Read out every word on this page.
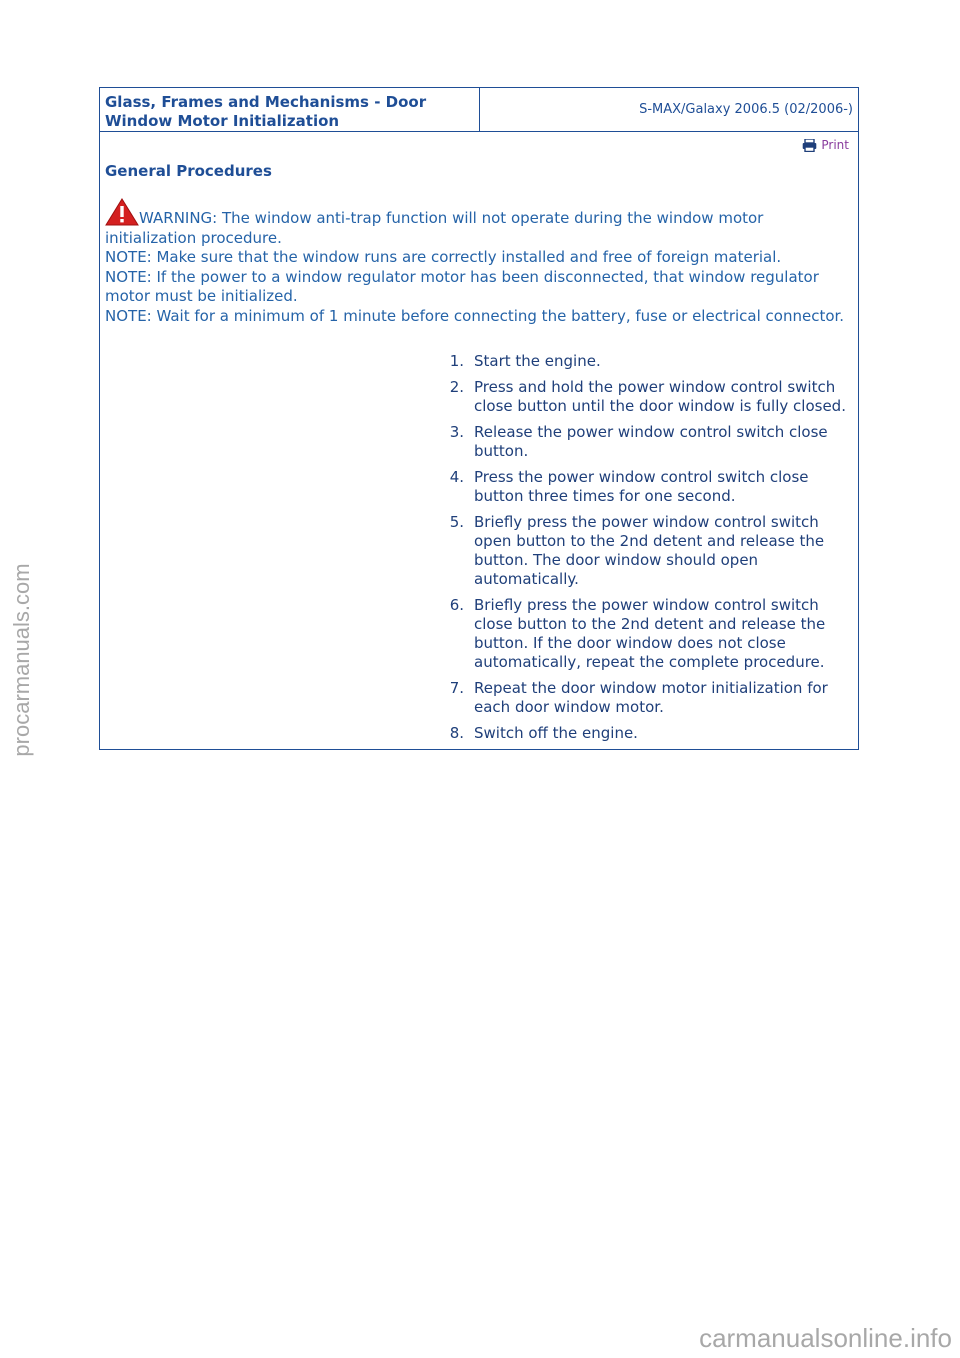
Glass, Frames and Mechanisms - Door Window Motor Initialization
S-MAX/Galaxy 2006.5 (02/2006-)
Print
General Procedures

WARNING: The window anti-trap function will not operate during the window motor initialization procedure.

NOTE: Make sure that the window runs are correctly installed and free of foreign material.

NOTE: If the power to a window regulator motor has been disconnected, that window regulator motor must be initialized.

NOTE: Wait for a minimum of 1 minute before connecting the battery, fuse or electrical connector.

1. Start the engine.
2. Press and hold the power window control switch close button until the door window is fully closed.
3. Release the power window control switch close button.
4. Press the power window control switch close button three times for one second.
5. Briefly press the power window control switch open button to the 2nd detent and release the button. The door window should open automatically.
6. Briefly press the power window control switch close button to the 2nd detent and release the button. If the door window does not close automatically, repeat the complete procedure.
7. Repeat the door window motor initialization for each door window motor.
8. Switch off the engine.
procarmanuals.com
carmanualsonline.info
